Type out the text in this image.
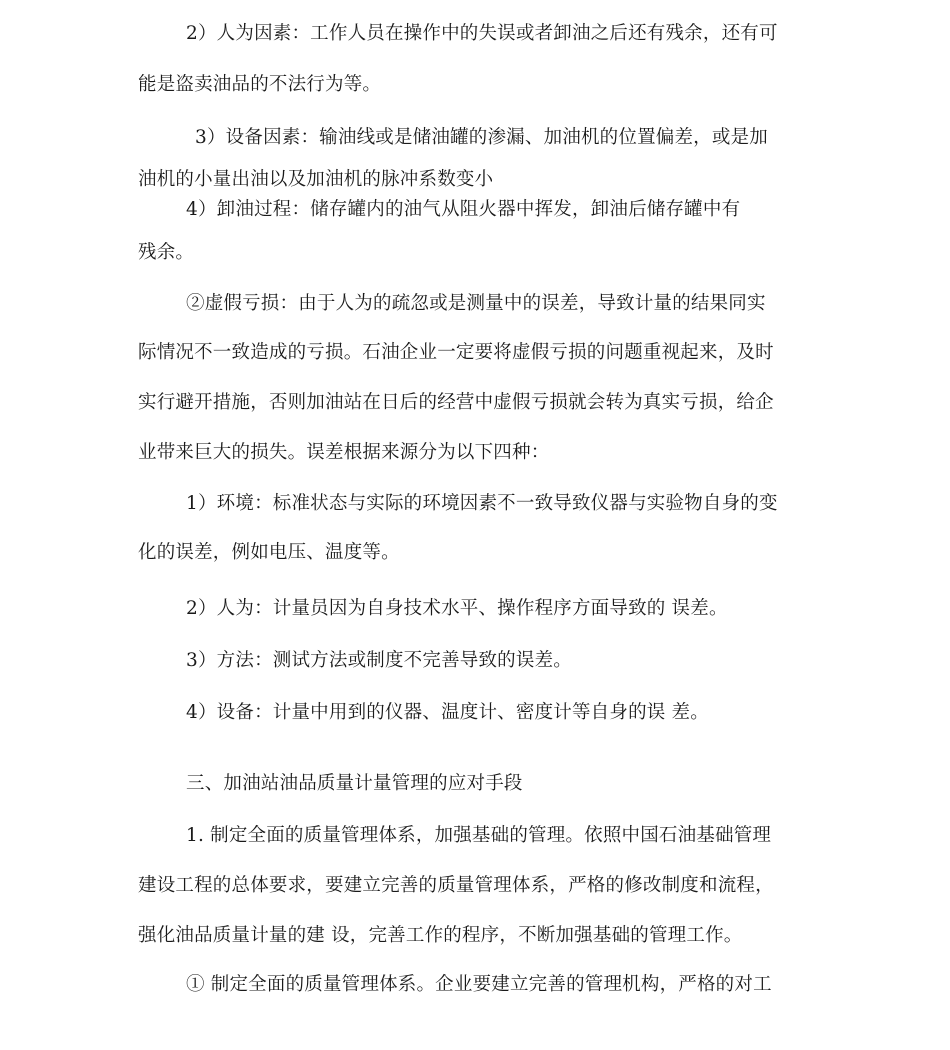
2）人为因素：工作人员在操作中的失误或者卸油之后还有残余，还有可
能是盗卖油品的不法行为等。
3）设备因素：输油线或是储油罐的渗漏、加油机的位置偏差，或是加
油机的小量出油以及加油机的脉冲系数变小
4）卸油过程：储存罐内的油气从阻火器中挥发，卸油后储存罐中有
残余。
②虚假亏损：由于人为的疏忽或是测量中的误差，导致计量的结果同实
际情况不一致造成的亏损。石油企业一定要将虚假亏损的问题重视起来，及时
实行避开措施，否则加油站在日后的经营中虚假亏损就会转为真实亏损，给企
业带来巨大的损失。误差根据来源分为以下四种：
1）环境：标准状态与实际的环境因素不一致导致仪器与实验物自身的变
化的误差，例如电压、温度等。
2）人为：计量员因为自身技术水平、操作程序方面导致的 误差。
3）方法：测试方法或制度不完善导致的误差。
4）设备：计量中用到的仪器、温度计、密度计等自身的误 差。
三、加油站油品质量计量管理的应对手段
1. 制定全面的质量管理体系，加强基础的管理。依照中国石油基础管理
建设工程的总体要求，要建立完善的质量管理体系，严格的修改制度和流程，
强化油品质量计量的建 设，完善工作的程序，不断加强基础的管理工作。
① 制定全面的质量管理体系。企业要建立完善的管理机构，严格的对工
